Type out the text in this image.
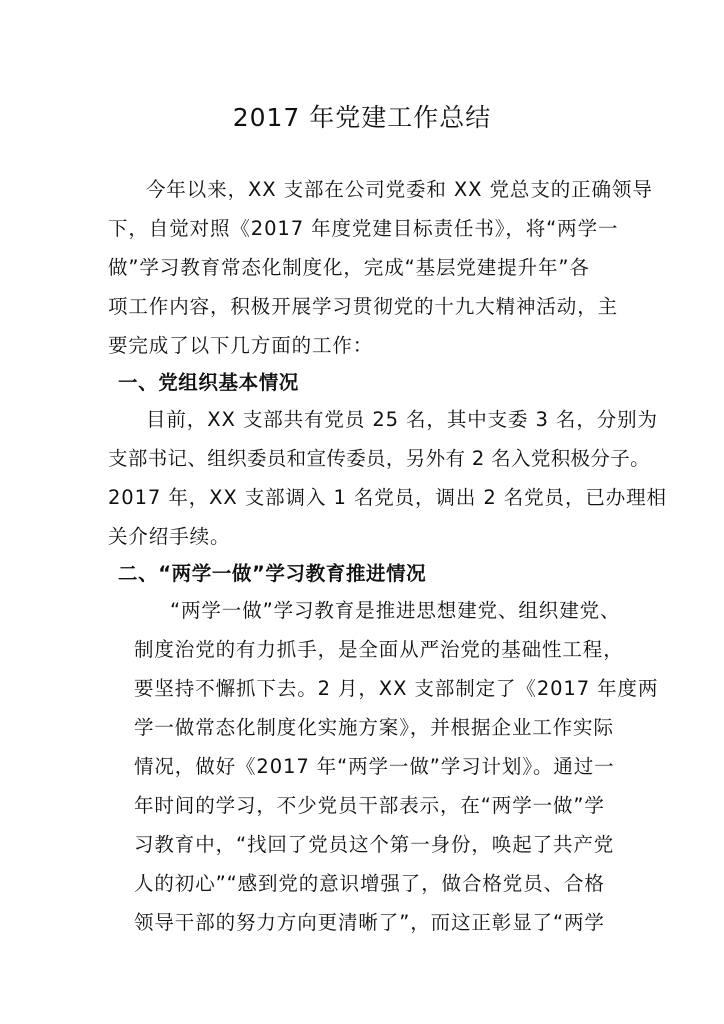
2017 年党建工作总结
今年以来，XX 支部在公司党委和 XX 党总支的正确领导
下，自觉对照《2017 年度党建目标责任书》，将“两学一
做”学习教育常态化制度化，完成“基层党建提升年”各
项工作内容，积极开展学习贯彻党的十九大精神活动，主
要完成了以下几方面的工作：
一、党组织基本情况
目前，XX 支部共有党员 25 名，其中支委 3 名，分别为
支部书记、组织委员和宣传委员，另外有 2 名入党积极分子。
2017 年，XX 支部调入 1 名党员，调出 2 名党员，已办理相
关介绍手续。
二、“两学一做”学习教育推进情况
“两学一做”学习教育是推进思想建党、组织建党、
制度治党的有力抓手，是全面从严治党的基础性工程，
要坚持不懈抓下去。2 月，XX 支部制定了《2017 年度两
学一做常态化制度化实施方案》，并根据企业工作实际
情况，做好《2017 年“两学一做”学习计划》。通过一
年时间的学习，不少党员干部表示，在“两学一做”学
习教育中，“找回了党员这个第一身份，唤起了共产党
人的初心”“感到党的意识增强了，做合格党员、合格
领导干部的努力方向更清晰了”，而这正彰显了“两学
